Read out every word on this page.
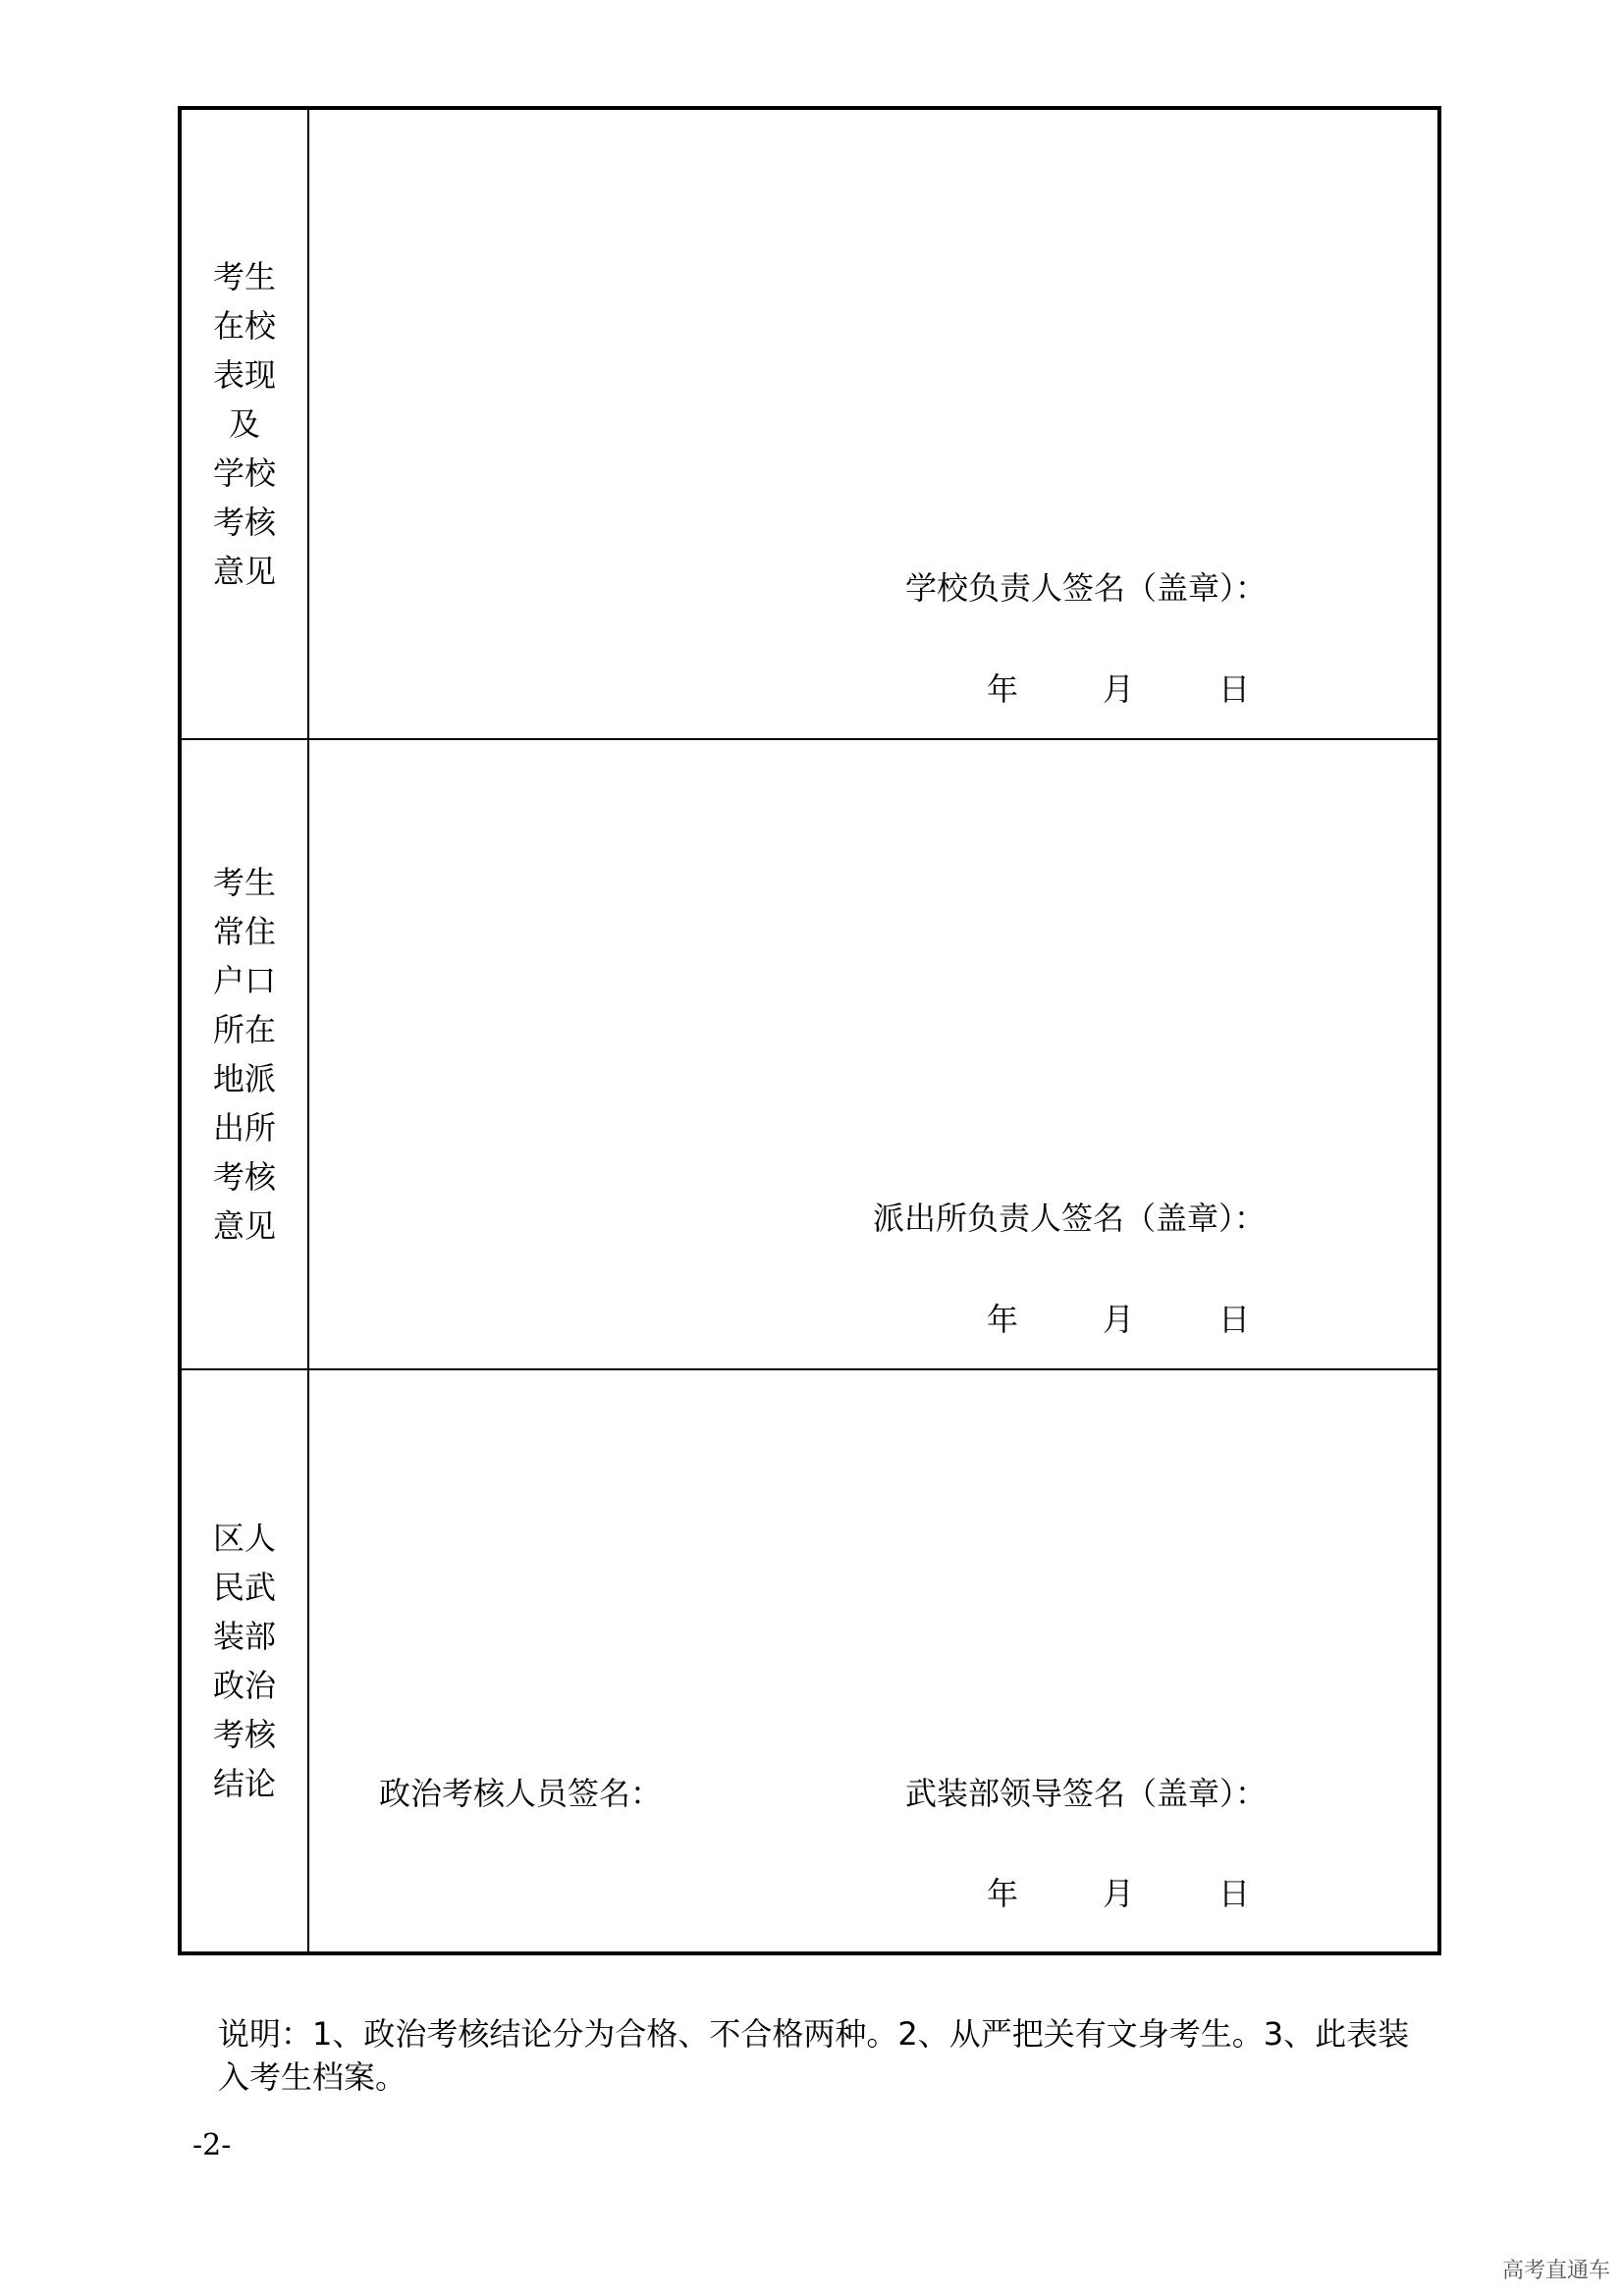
考生
在校
表现
及
学校
考核
意见	学校负责人签名（盖章）：
年	月	日
考生
常住
户口
所在
地派
出所
考核
意见	派出所负责人签名（盖章）：
年	月	日
区人
民武
装部
政治
考核
结论	政治考核人员签名：	武装部领导签名（盖章）：
年	月	日
说明：1、政治考核结论分为合格、不合格两种。2、从严把关有文身考生。3、此表装
入考生档案。
-2-
高考直通车
